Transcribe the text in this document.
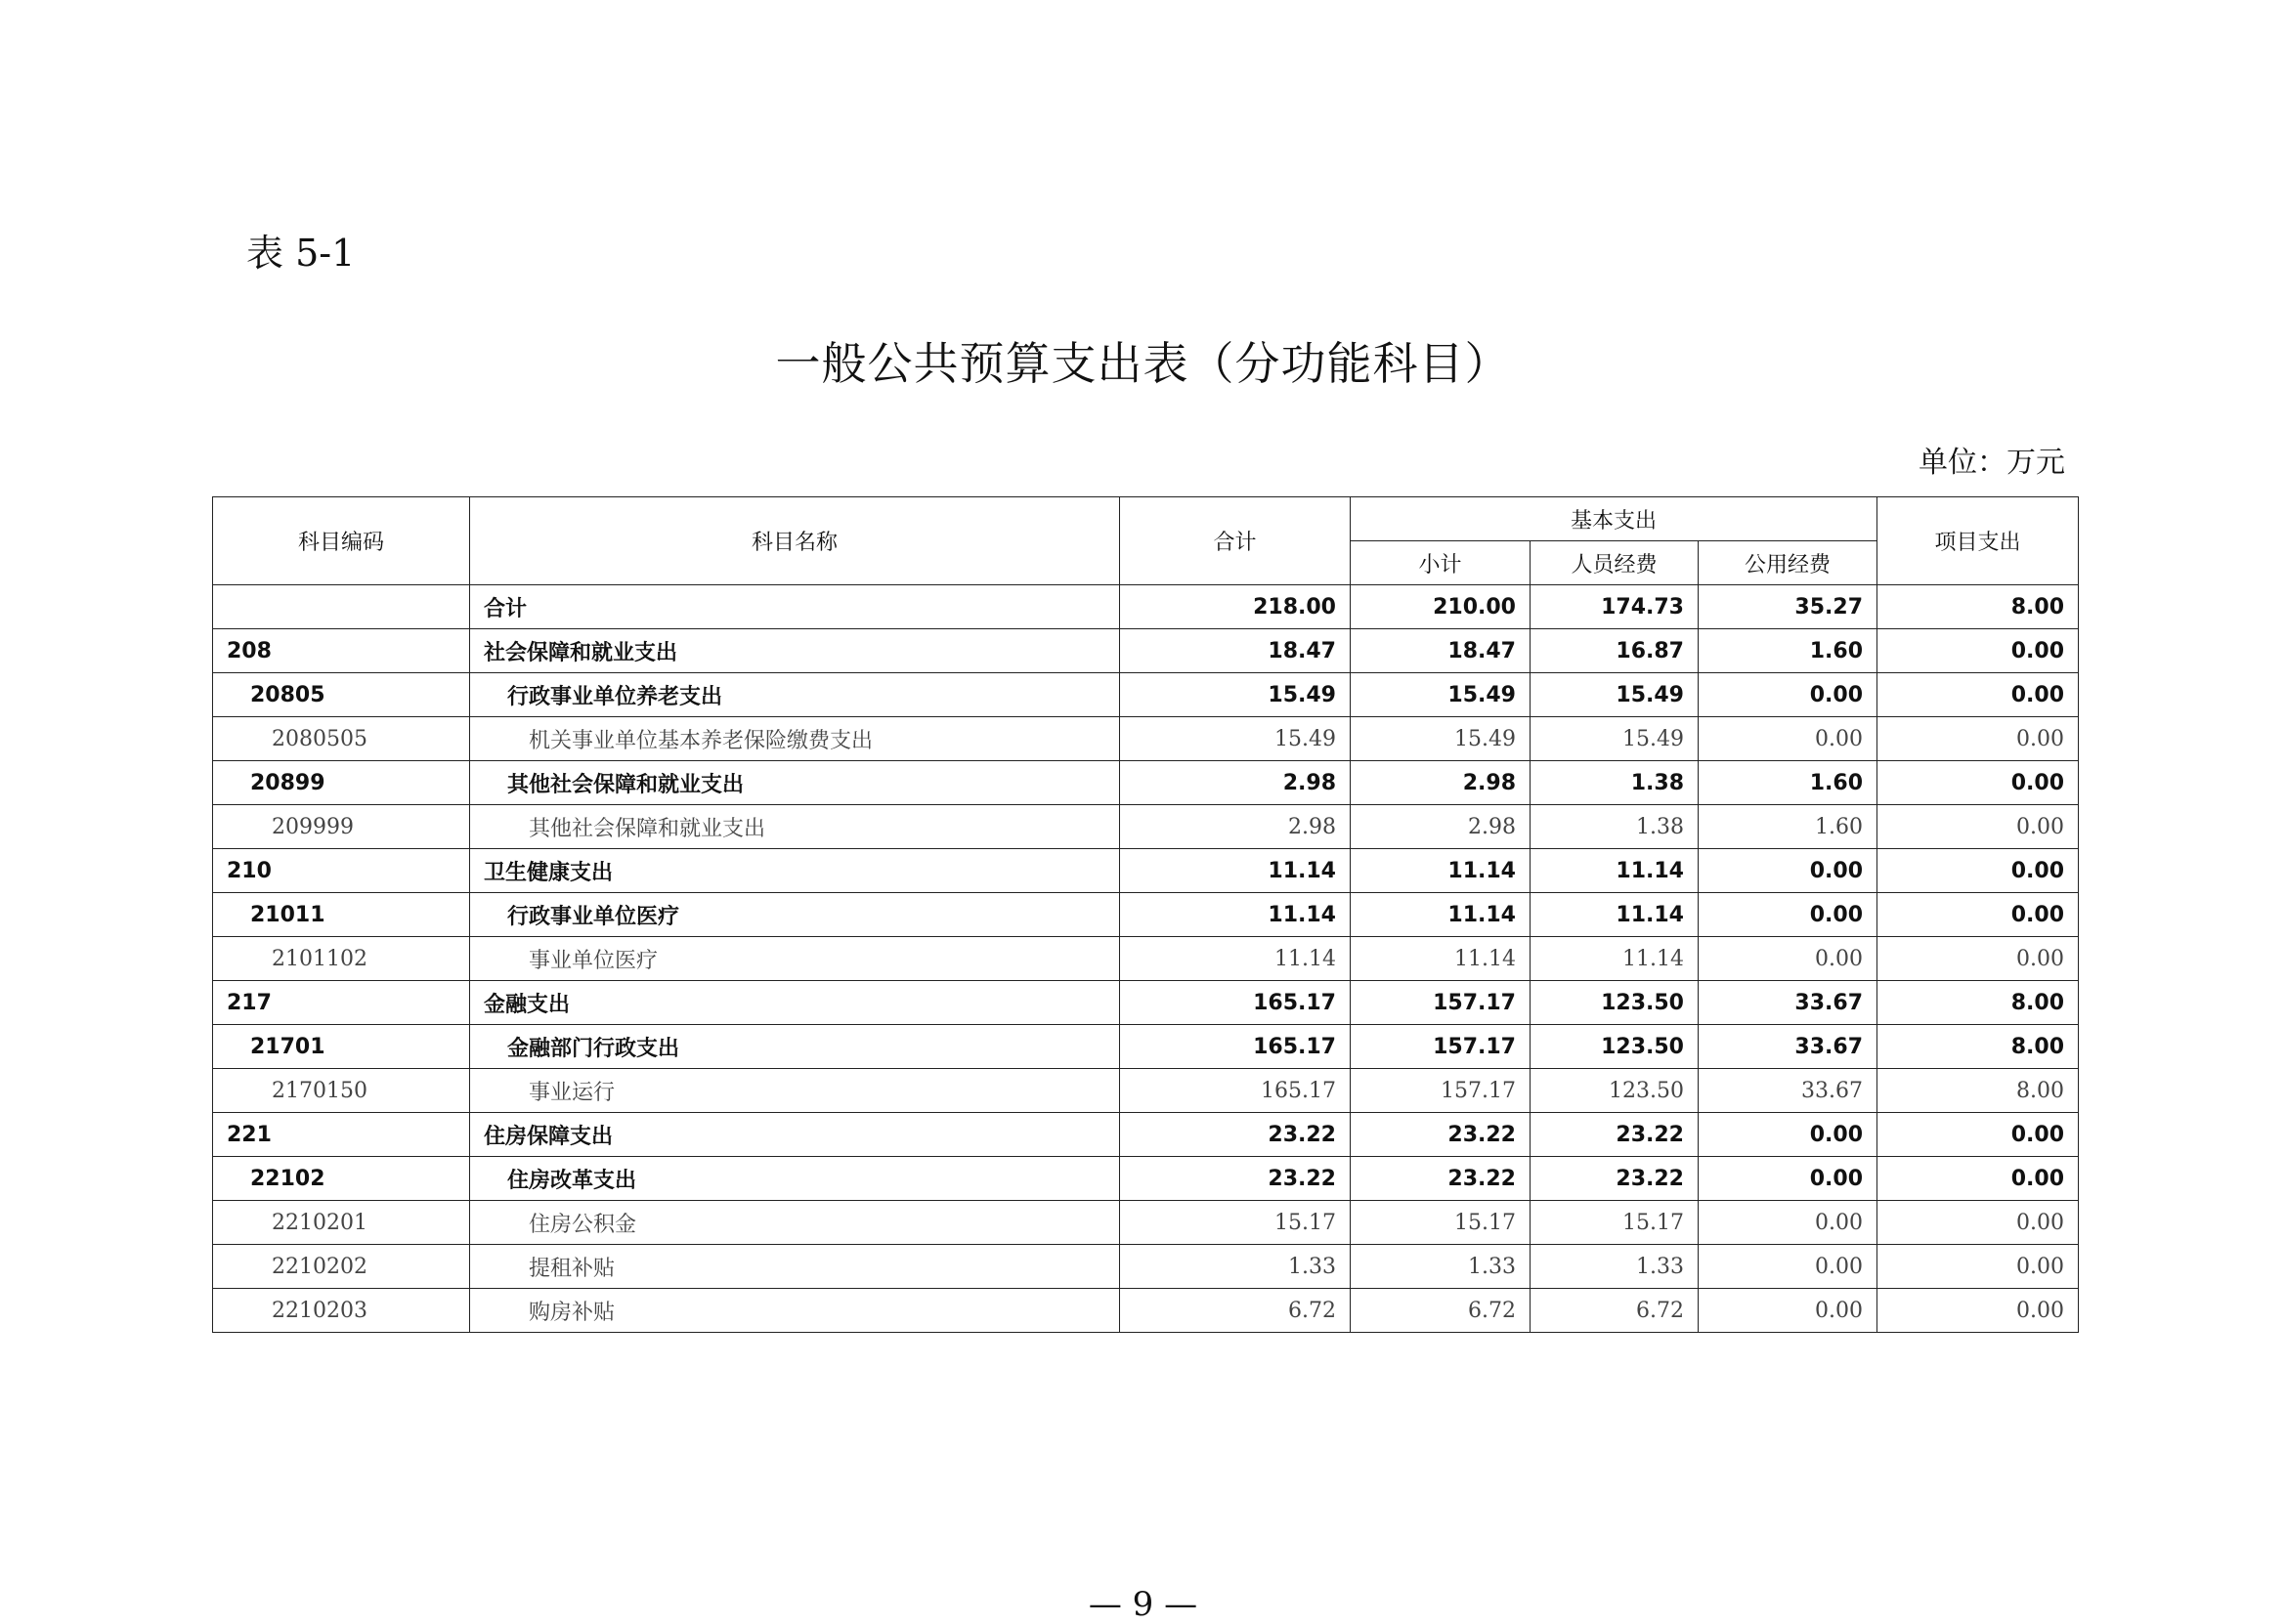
表 5-1
一般公共预算支出表（分功能科目）
单位：万元
科目编码	科目名称	合计	基本支出			项目支出
			小计	人员经费	公用经费	
	合计	218.00	210.00	174.73	35.27	8.00
208	社会保障和就业支出	18.47	18.47	16.87	1.60	0.00
20805	行政事业单位养老支出	15.49	15.49	15.49	0.00	0.00
2080505	机关事业单位基本养老保险缴费支出	15.49	15.49	15.49	0.00	0.00
20899	其他社会保障和就业支出	2.98	2.98	1.38	1.60	0.00
209999	其他社会保障和就业支出	2.98	2.98	1.38	1.60	0.00
210	卫生健康支出	11.14	11.14	11.14	0.00	0.00
21011	行政事业单位医疗	11.14	11.14	11.14	0.00	0.00
2101102	事业单位医疗	11.14	11.14	11.14	0.00	0.00
217	金融支出	165.17	157.17	123.50	33.67	8.00
21701	金融部门行政支出	165.17	157.17	123.50	33.67	8.00
2170150	事业运行	165.17	157.17	123.50	33.67	8.00
221	住房保障支出	23.22	23.22	23.22	0.00	0.00
22102	住房改革支出	23.22	23.22	23.22	0.00	0.00
2210201	住房公积金	15.17	15.17	15.17	0.00	0.00
2210202	提租补贴	1.33	1.33	1.33	0.00	0.00
2210203	购房补贴	6.72	6.72	6.72	0.00	0.00
— 9 —
